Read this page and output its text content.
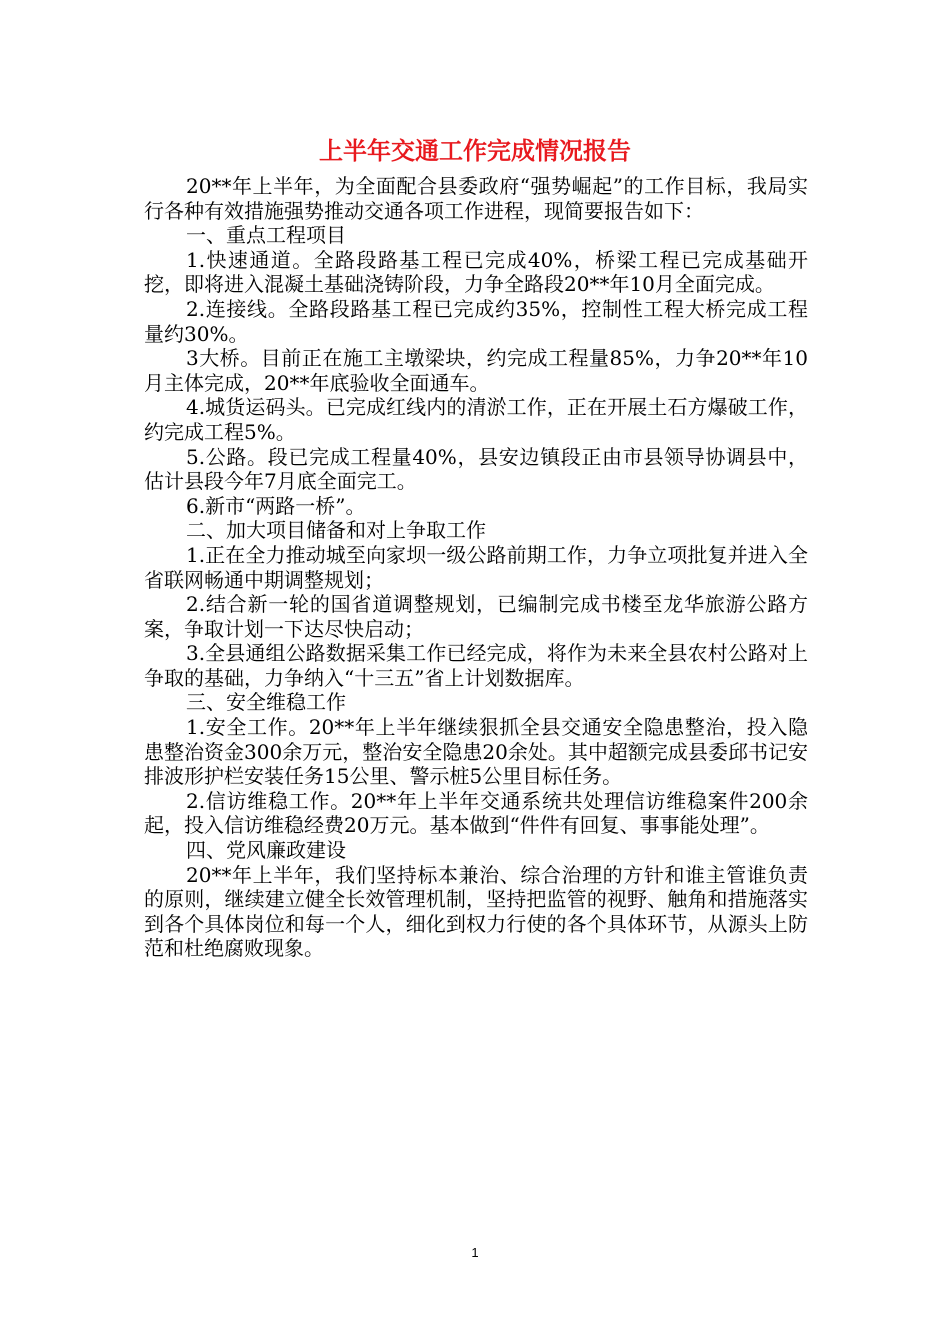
上半年交通工作完成情况报告

20**年上半年，为全面配合县委政府“强势崛起”的工作目标，我局实行各种有效措施强势推动交通各项工作进程，现简要报告如下：

一、重点工程项目

1.快速通道。全路段路基工程已完成40%，桥梁工程已完成基础开挖，即将进入混凝土基础浇铸阶段，力争全路段20**年10月全面完成。

2.连接线。全路段路基工程已完成约35%，控制性工程大桥完成工程量约30%。

3大桥。目前正在施工主墩梁块，约完成工程量85%，力争20**年10月主体完成，20**年底验收全面通车。

4.城货运码头。已完成红线内的清淤工作，正在开展土石方爆破工作，约完成工程5%。

5.公路。段已完成工程量40%，县安边镇段正由市县领导协调县中，估计县段今年7月底全面完工。

6.新市“两路一桥”。

二、加大项目储备和对上争取工作

1.正在全力推动城至向家坝一级公路前期工作，力争立项批复并进入全省联网畅通中期调整规划；

2.结合新一轮的国省道调整规划，已编制完成书楼至龙华旅游公路方案，争取计划一下达尽快启动；

3.全县通组公路数据采集工作已经完成，将作为未来全县农村公路对上争取的基础，力争纳入“十三五”省上计划数据库。

三、安全维稳工作

1.安全工作。20**年上半年继续狠抓全县交通安全隐患整治，投入隐患整治资金300余万元，整治安全隐患20余处。其中超额完成县委邱书记安排波形护栏安装任务15公里、警示桩5公里目标任务。

2.信访维稳工作。20**年上半年交通系统共处理信访维稳案件200余起，投入信访维稳经费20万元。基本做到“件件有回复、事事能处理”。

四、党风廉政建设

20**年上半年，我们坚持标本兼治、综合治理的方针和谁主管谁负责的原则，继续建立健全长效管理机制，坚持把监管的视野、触角和措施落实到各个具体岗位和每一个人，细化到权力行使的各个具体环节，从源头上防范和杜绝腐败现象。

1
